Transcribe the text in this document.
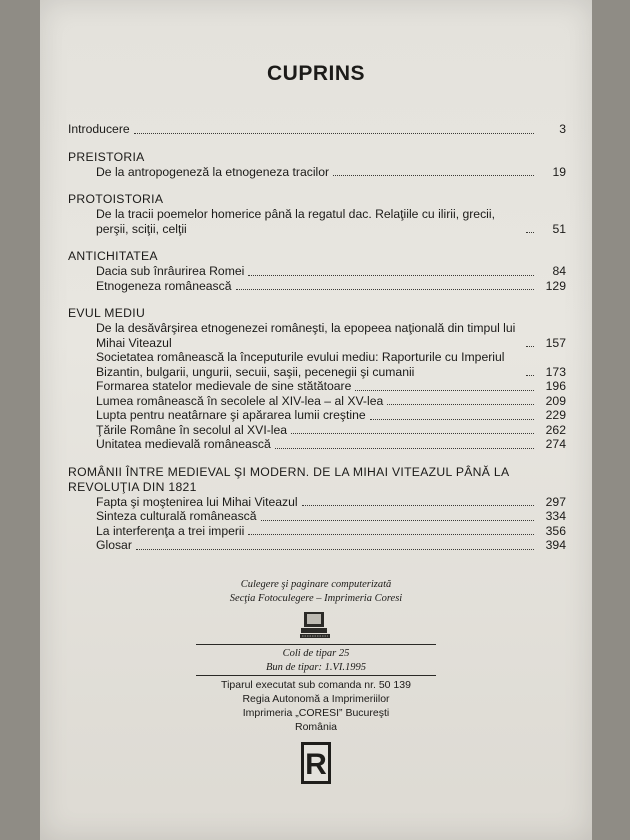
CUPRINS
Introducere	3
PREISTORIA
De la antropogeneză la etnogeneza tracilor	19
PROTOISTORIA
De la tracii poemelor homerice până la regatul dac. Relaţiile cu ilirii, grecii, perşii, sciţii, celţii	51
ANTICHITATEA
Dacia sub înrâurirea Romei	84
Etnogeneza românească	129
EVUL MEDIU
De la desăvârşirea etnogenezei româneşti, la epopeea naţională din timpul lui Mihai Viteazul	157
Societatea românească la începuturile evului mediu: Raporturile cu Imperiul Bizantin, bulgarii, ungurii, secuii, saşii, pecenegii şi cumanii	173
Formarea statelor medievale de sine stătătoare	196
Lumea românească în secolele al XIV-lea – al XV-lea	209
Lupta pentru neatârnare şi apărarea lumii creştine	229
Ţările Române în secolul al XVI-lea	262
Unitatea medievală românească	274
ROMÂNII ÎNTRE MEDIEVAL ŞI MODERN. DE LA MIHAI VITEAZUL PÂNĂ LA REVOLUŢIA DIN 1821
Fapta şi moştenirea lui Mihai Viteazul	297
Sinteza culturală românească	334
La interferenţa a trei imperii	356
Glosar	394
Culegere şi paginare computerizată
Secţia Fotoculegere – Imprimeria Coresi
Coli de tipar 25
Bun de tipar: 1.VI.1995
Tiparul executat sub comanda nr. 50 139
Regia Autonomă a Imprimeriilor
Imprimeria „CORESI” Bucureşti
România
R
